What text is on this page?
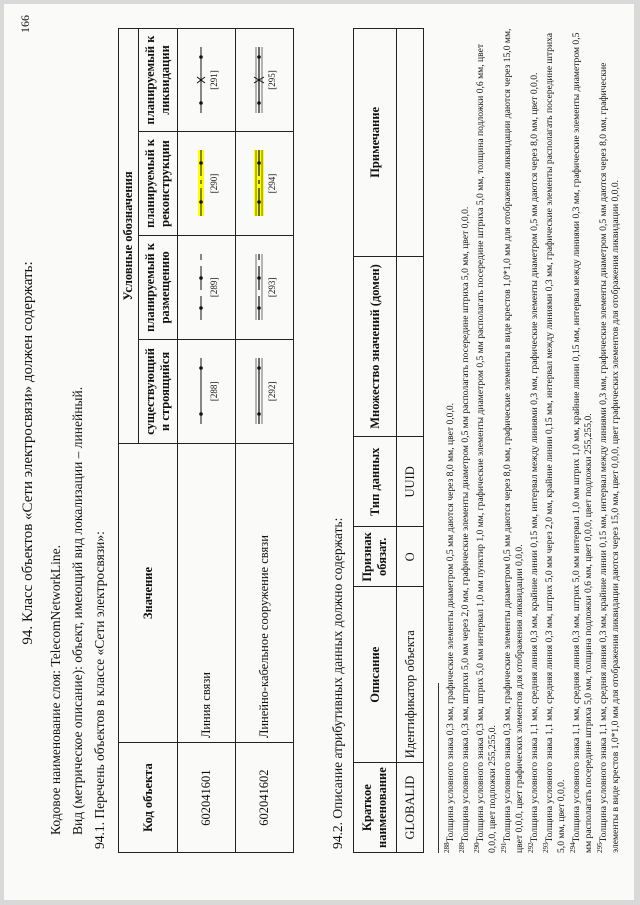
166
94. Класс объектов «Сети электросвязи» должен содержать:
Кодовое наименование слоя: TelecomNetworkLine. Вид (метрическое описание): объект, имеющий вид локализации – линейный. 94.1. Перечень объектов в классе «Сети электросвязи»:	Код объекта	Значение	Условные обозначения			
		существующий и строящийся	планируемый к размещению	планируемый к реконструкции	планируемый к ликвидации
602041601	Линия связи	[288]	[289]	[290]	[291]

602041602	Линейно-кабельное сооружение связи	[292]	[293]	[294]	[295]
94.2. Описание атрибутивных данных должно содержать: Краткое наименование	Описание	Признак обязат.	Тип данных	Множество значений (домен)	Примечание
GLOBALID	Идентификатор объекта	О	UUID		

$^{288}$Толщина условного знака 0,3 мм, графические элементы диаметром 0,5 мм даются через 8,0 мм, цвет 0,0,0.

$^{289}$Толщина условного знака 0,3 мм, штрихи 5,0 мм через 2,0 мм, графические элементы диаметром 0,5 мм располагать посередине штриха 5,0 мм, цвет 0,0,0.

$^{290}$Толщина условного знака 0,3 мм, штрих 5,0 мм интервал 1,0 мм пунктир 1,0 мм, графические элементы диаметром 0,5 мм располагать посередине штриха 5,0 мм, толщина подложки 0,6 мм, цвет 0,0,0, цвет подложки 255,255,0. $^{291}$Толщина условного знака 0,3 мм, графические элементы диаметром 0,5 мм даются через 8,0 мм, графические элементы в виде крестов 1,0*1,0 мм для отображения ликвидации даются через 15,0 мм, цвет 0,0,0, цвет графических элементов для отображения ликвидации 0,0,0. $^{292}$Толщина условного знака 1,1 мм, средняя линия 0,3 мм, крайние линии 0,15 мм, интервал между линиями 0,3 мм, графические элементы диаметром 0,5 мм даются через 8,0 мм, цвет 0,0,0.

$^{293}$Толщина условного знака 1,1 мм, средняя линия 0,3 мм, штрих 5,0 мм через 2,0 мм, крайние линии 0,15 мм, интервал между линиями 0,3 мм, графические элементы располагать посередине штриха 5,0 мм, цвет 0,0,0. $^{294}$Толщина условного знака 1,1 мм, средняя линия 0,3 мм, штрих 5,0 мм интервал 1,0 мм штрих 1,0 мм, крайние линии 0,15 мм, интервал между линиями 0,3 мм, графические элементы диаметром 0,5 мм располагать посередине штриха 5,0 мм, толщина подложки 0,6 мм, цвет 0,0,0, цвет подложки 255,255,0. $^{295}$Толщина условного знака 1,1 мм, средняя линия 0,3 мм, крайние линии 0,15 мм, интервал между линиями 0,3 мм, графические элементы диаметром 0,5 мм даются через 8,0 мм, графические элементы в виде крестов 1,0*1,0 мм для отображения ликвидации даются через 15,0 мм, цвет 0,0,0, цвет графических элементов для отображения ликвидации 0,0,0.
